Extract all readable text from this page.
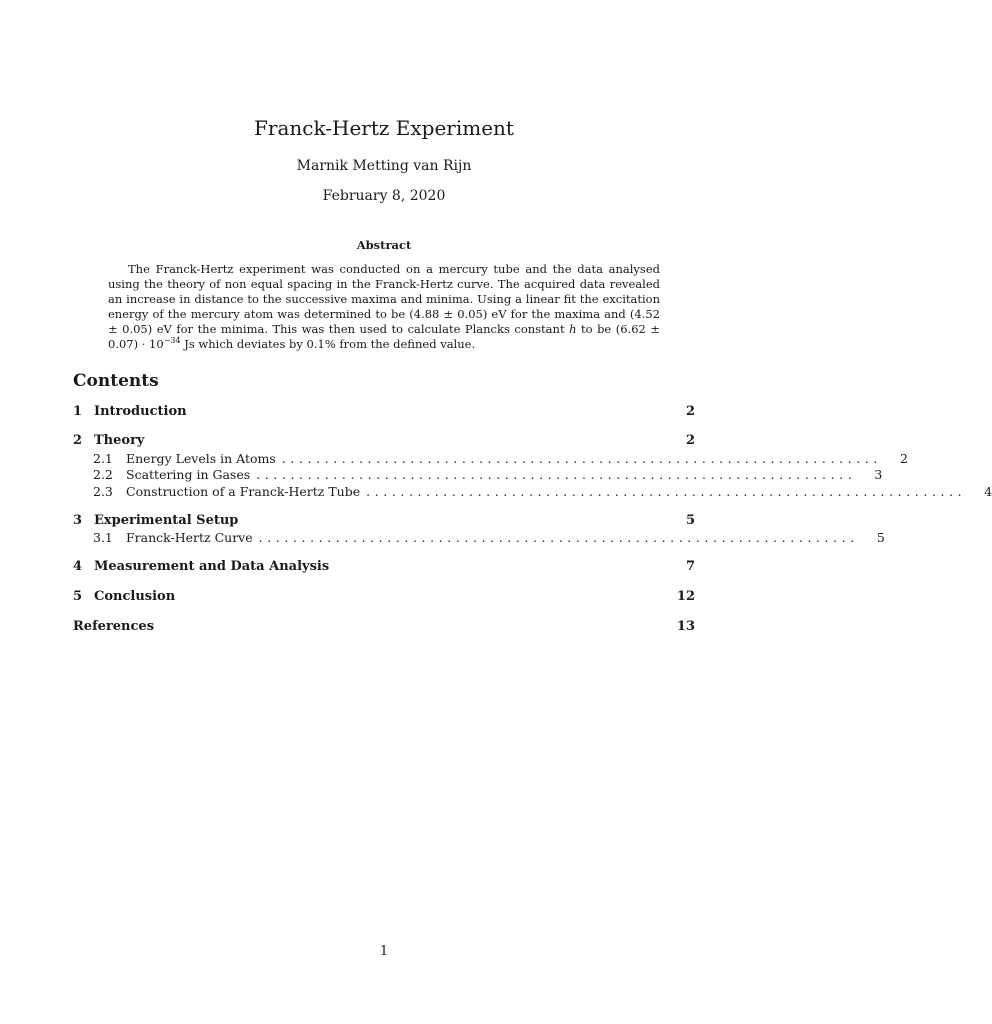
Franck-Hertz Experiment
Marnik Metting van Rijn
February 8, 2020
Abstract
The Franck-Hertz experiment was conducted on a mercury tube and the data analysed using the theory of non equal spacing in the Franck-Hertz curve. The acquired data revealed an increase in distance to the successive maxima and minima. Using a linear fit the excitation energy of the mercury atom was determined to be (4.88 ± 0.05) eV for the maxima and (4.52 ± 0.05) eV for the minima. This was then used to calculate Plancks constant h to be $(6.62 \pm 0.07) \cdot 10^{-34}$ Js which deviates by 0.1% from the defined value.
Contents
1 Introduction	2
2 Theory	2
2.1	Energy Levels in Atoms ......................................................................	2
2.2	Scattering in Gases ......................................................................	3
2.3	Construction of a Franck-Hertz Tube ......................................................................	4
3 Experimental Setup	5
3.1	Franck-Hertz Curve ......................................................................	5
4 Measurement and Data Analysis	7
5 Conclusion	12
References	13
1
